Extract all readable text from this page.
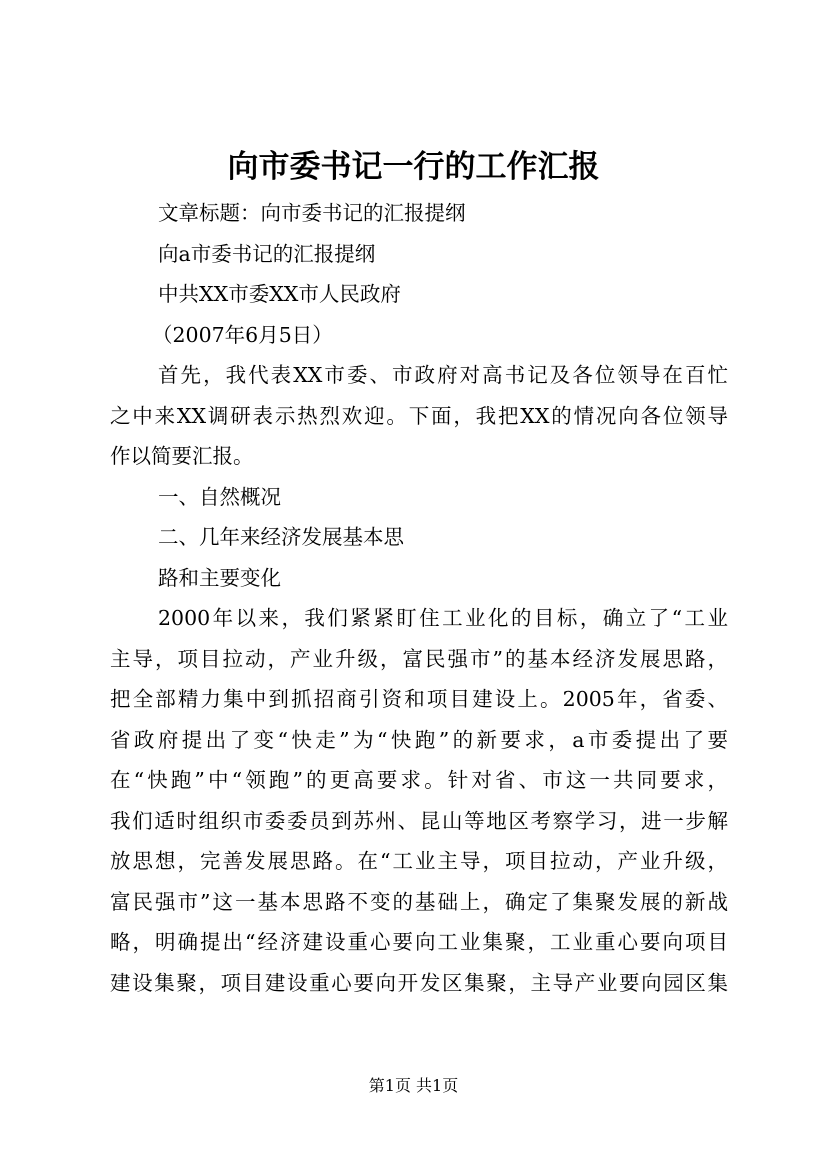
向市委书记一行的工作汇报
文章标题：向市委书记的汇报提纲
向a市委书记的汇报提纲
中共XX市委XX市人民政府
（2007年6月5日）
首先，我代表XX市委、市政府对高书记及各位领导在百忙
之中来XX调研表示热烈欢迎。下面，我把XX的情况向各位领导
作以简要汇报。
一、自然概况
二、几年来经济发展基本思
路和主要变化
2000年以来，我们紧紧盯住工业化的目标，确立了“工业
主导，项目拉动，产业升级，富民强市”的基本经济发展思路，
把全部精力集中到抓招商引资和项目建设上。2005年，省委、
省政府提出了变“快走”为“快跑”的新要求，a市委提出了要
在“快跑”中“领跑”的更高要求。针对省、市这一共同要求，
我们适时组织市委委员到苏州、昆山等地区考察学习，进一步解
放思想，完善发展思路。在“工业主导，项目拉动，产业升级，
富民强市”这一基本思路不变的基础上，确定了集聚发展的新战
略，明确提出“经济建设重心要向工业集聚，工业重心要向项目
建设集聚，项目建设重心要向开发区集聚，主导产业要向园区集
第1页 共1页
